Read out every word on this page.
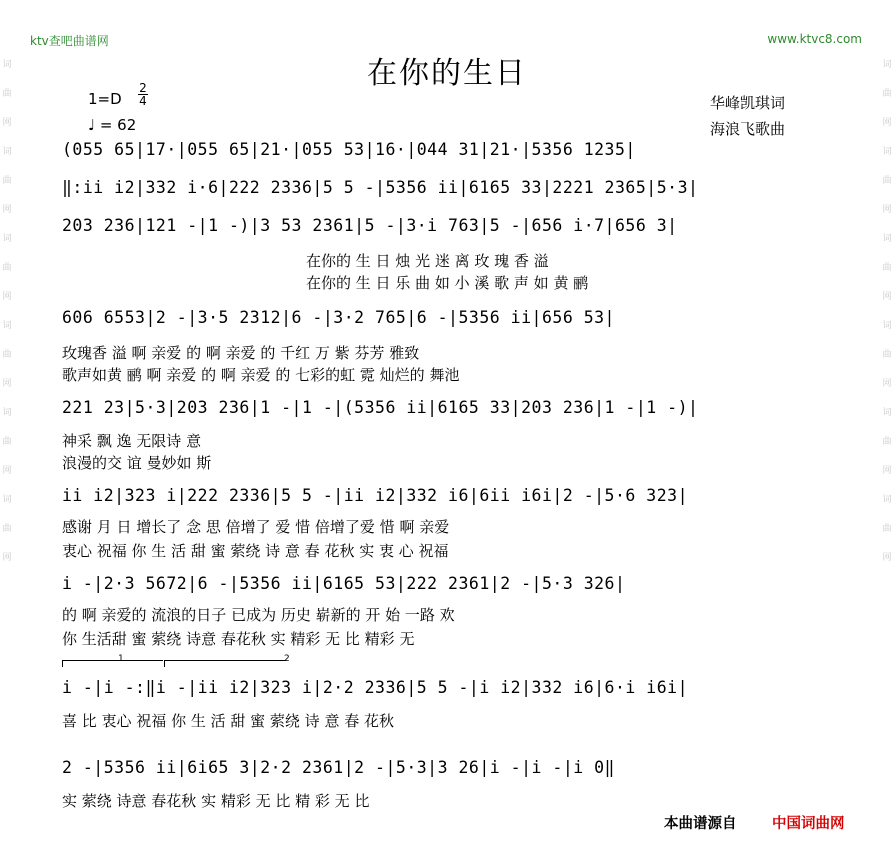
ktv查吧曲谱网	www.ktvc8.com
词
曲
网
词
曲
网
词
曲
网
词
曲
网
词
曲
网
词
曲
网
词
曲
网
词
曲
网
词
曲
网
词
曲
网
词
曲
网
词
曲
网
在你的生日
1=D
2
4
♩ = 62
华峰凯琪词
海浪飞歌曲
(055 65|17·|055 65|21·|055 53|16·|044 31|21·|5356 1235|
‖:ii i2|332 i·6|222 2336|5 5 -|5356 ii|6165 33|2221 2365|5·3|
203 236|121 -|1 -)|3 53 2361|5 -|3·i 763|5 -|656 i·7|656 3|
在你的 生 日 烛 光 迷 离 玫 瑰 香 溢
在你的 生 日 乐 曲 如 小 溪 歌 声 如 黄 鹂
606 6553|2 -|3·5 2312|6 -|3·2 765|6 -|5356 ii|656 53|
玫瑰香 溢 啊 亲爱 的 啊 亲爱 的 千红 万 紫 芬芳 雅致
歌声如黄 鹂 啊 亲爱 的 啊 亲爱 的 七彩的虹 霓 灿烂的 舞池
221 23|5·3|203 236|1 -|1 -|(5356 ii|6165 33|203 236|1 -|1 -)|
神采 飘 逸 无限诗 意
浪漫的交 谊 曼妙如 斯
ii i2|323 i|222 2336|5 5 -|ii i2|332 i6|6ii i6i|2 -|5·6 323|
感谢 月 日 增长了 念 思 倍增了 爱 惜 倍增了爱 惜 啊 亲爱
衷心 祝福 你 生 活 甜 蜜 萦绕 诗 意 春 花秋 实 衷 心 祝福
i -|2·3 5672|6 -|5356 ii|6165 53|222 2361|2 -|5·3 326|
的 啊 亲爱的 流浪的日子 已成为 历史 崭新的 开 始 一路 欢
你 生活甜 蜜 萦绕 诗意 春花秋 实 精彩 无 比 精彩 无
1	2
i -|i -:‖i -|ii i2|323 i|2·2 2336|5 5 -|i i2|332 i6|6·i i6i|
喜 比 衷心 祝福 你 生 活 甜 蜜 萦绕 诗 意 春 花秋
2 -|5356 ii|6i65 3|2·2 2361|2 -|5·3|3 26|i -|i -|i 0‖
实 萦绕 诗意 春花秋 实 精彩 无 比 精 彩 无 比
本曲谱源自 中国词曲网
